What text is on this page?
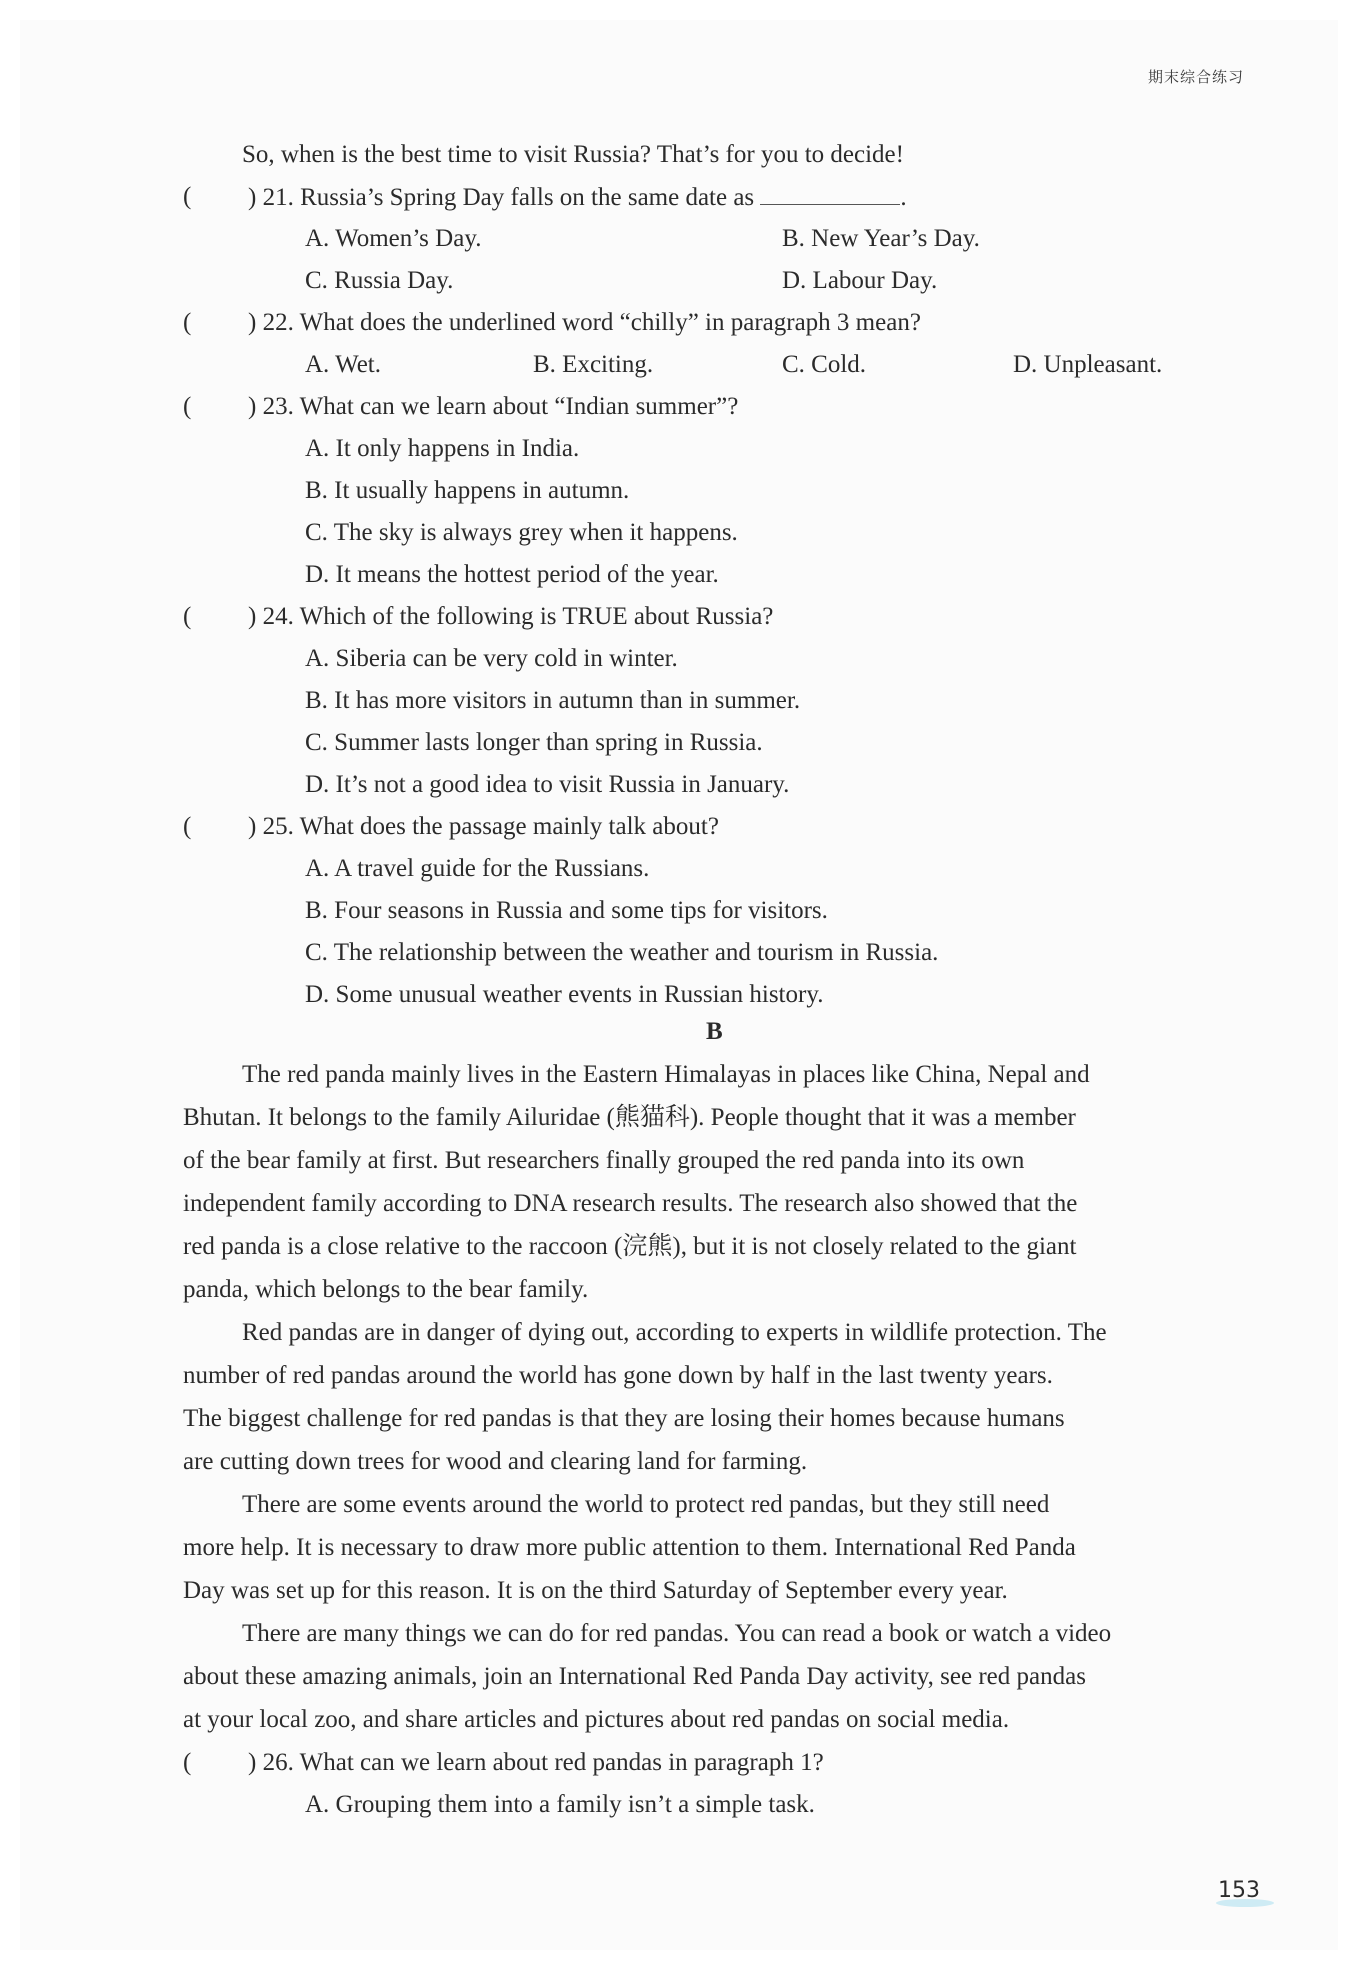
期末综合练习
So, when is the best time to visit Russia? That’s for you to decide!
( ) 21. Russia’s Spring Day falls on the same date as	.
A. Women’s Day.	B. New Year’s Day.
C. Russia Day.	D. Labour Day.
( ) 22. What does the underlined word “chilly” in paragraph 3 mean?
A. Wet.	B. Exciting.	C. Cold.	D. Unpleasant.
( ) 23. What can we learn about “Indian summer”?
A. It only happens in India.
B. It usually happens in autumn.
C. The sky is always grey when it happens.
D. It means the hottest period of the year.
( ) 24. Which of the following is TRUE about Russia?
A. Siberia can be very cold in winter.
B. It has more visitors in autumn than in summer.
C. Summer lasts longer than spring in Russia.
D. It’s not a good idea to visit Russia in January.
( ) 25. What does the passage mainly talk about?
A. A travel guide for the Russians.
B. Four seasons in Russia and some tips for visitors.
C. The relationship between the weather and tourism in Russia.
D. Some unusual weather events in Russian history.
B
The red panda mainly lives in the Eastern Himalayas in places like China, Nepal and
Bhutan. It belongs to the family Ailuridae (熊猫科). People thought that it was a member
of the bear family at first. But researchers finally grouped the red panda into its own
independent family according to DNA research results. The research also showed that the
red panda is a close relative to the raccoon (浣熊), but it is not closely related to the giant
panda, which belongs to the bear family.
Red pandas are in danger of dying out, according to experts in wildlife protection. The
number of red pandas around the world has gone down by half in the last twenty years.
The biggest challenge for red pandas is that they are losing their homes because humans
are cutting down trees for wood and clearing land for farming.
There are some events around the world to protect red pandas, but they still need
more help. It is necessary to draw more public attention to them. International Red Panda
Day was set up for this reason. It is on the third Saturday of September every year.
There are many things we can do for red pandas. You can read a book or watch a video
about these amazing animals, join an International Red Panda Day activity, see red pandas
at your local zoo, and share articles and pictures about red pandas on social media.
( ) 26. What can we learn about red pandas in paragraph 1?
A. Grouping them into a family isn’t a simple task.
153
